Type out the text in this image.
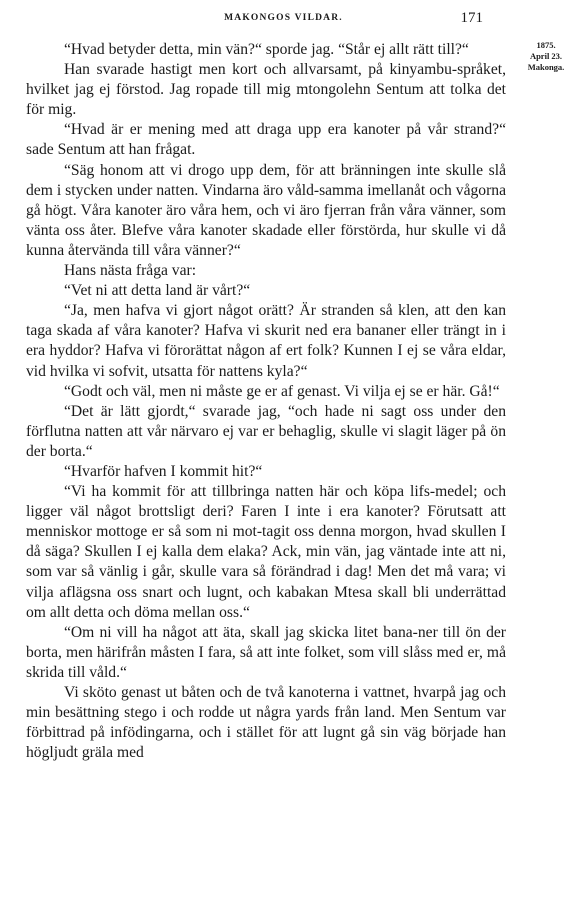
MAKONGOS VILDAR.	171
1875.
April 23.
Makonga.

“Hvad betyder detta, min vän?“ sporde jag. “Står ej allt rätt till?“

Han svarade hastigt men kort och allvarsamt, på kinyambu-språket, hvilket jag ej förstod. Jag ropade till mig mtongolehn Sentum att tolka det för mig.

“Hvad är er mening med att draga upp era kanoter på vår strand?“ sade Sentum att han frågat.

“Säg honom att vi drogo upp dem, för att bränningen inte skulle slå dem i stycken under natten. Vindarna äro våld-samma imellanåt och vågorna gå högt. Våra kanoter äro våra hem, och vi äro fjerran från våra vänner, som vänta oss åter. Blefve våra kanoter skadade eller förstörda, hur skulle vi då kunna återvända till våra vänner?“

Hans nästa fråga var:

“Vet ni att detta land är vårt?“

“Ja, men hafva vi gjort något orätt? Är stranden så klen, att den kan taga skada af våra kanoter? Hafva vi skurit ned era bananer eller trängt in i era hyddor? Hafva vi förorättat någon af ert folk? Kunnen I ej se våra eldar, vid hvilka vi sofvit, utsatta för nattens kyla?“

“Godt och väl, men ni måste ge er af genast. Vi vilja ej se er här. Gå!“

“Det är lätt gjordt,“ svarade jag, “och hade ni sagt oss under den förflutna natten att vår närvaro ej var er behaglig, skulle vi slagit läger på ön der borta.“

“Hvarför hafven I kommit hit?“

“Vi ha kommit för att tillbringa natten här och köpa lifs-medel; och ligger väl något brottsligt deri? Faren I inte i era kanoter? Förutsatt att menniskor mottoge er så som ni mot-tagit oss denna morgon, hvad skullen I då säga? Skullen I ej kalla dem elaka? Ack, min vän, jag väntade inte att ni, som var så vänlig i går, skulle vara så förändrad i dag! Men det må vara; vi vilja aflägsna oss snart och lugnt, och kabakan Mtesa skall bli underrättad om allt detta och döma mellan oss.“

“Om ni vill ha något att äta, skall jag skicka litet bana-ner till ön der borta, men härifrån måsten I fara, så att inte folket, som vill slåss med er, må skrida till våld.“

Vi sköto genast ut båten och de två kanoterna i vattnet, hvarpå jag och min besättning stego i och rodde ut några yards från land. Men Sentum var förbittrad på infödingarna, och i stället för att lugnt gå sin väg började han högljudt gräla med
